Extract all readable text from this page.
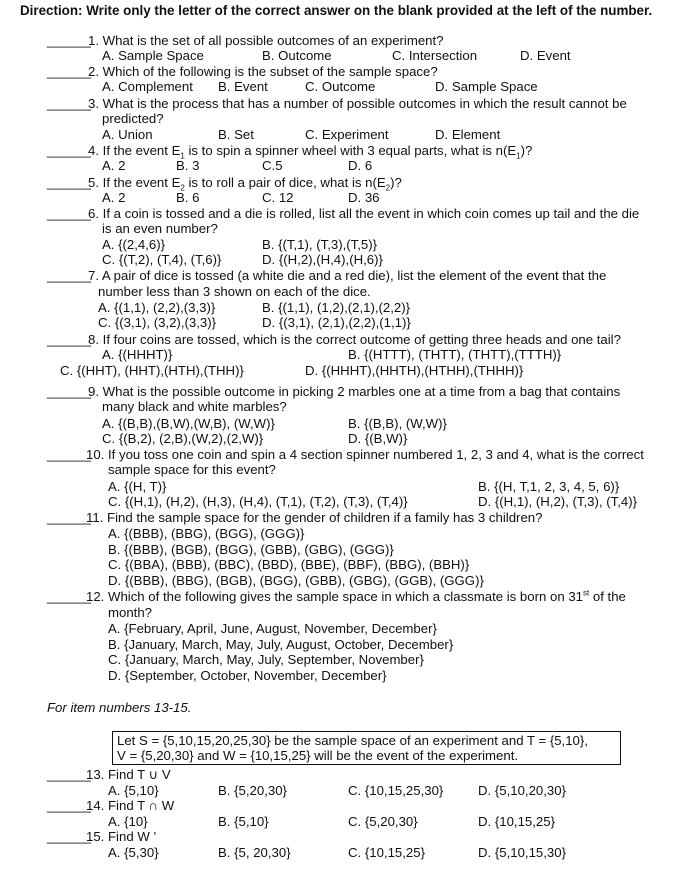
Direction: Write only the letter of the correct answer on the blank provided at the left of the number.
______
1. What is the set of all possible outcomes of an experiment?
A. Sample Space	B. Outcome	C. Intersection	D. Event
______
2. Which of the following is the subset of the sample space?
A. Complement B. Event	C. Outcome	D. Sample Space
______
3. What is the process that has a number of possible outcomes in which the result cannot be
predicted?
A. Union	B. Set	C. Experiment	D. Element
______
4. If the event $E_1$ is to spin a spinner wheel with 3 equal parts, what is $n(E_1)$?
A. 2	B. 3	C.5	D. 6
______
5. If the event $E_2$ is to roll a pair of dice, what is $n(E_2)$?
A. 2	B. 6	C. 12	D. 36
______
6. If a coin is tossed and a die is rolled, list all the event in which coin comes up tail and the die
is an even number?
A. {(2,4,6)}	B. {(T,1), (T,3),(T,5)}
C. {(T,2), (T,4), (T,6)}	D. {(H,2),(H,4),(H,6)}
______
7. A pair of dice is tossed (a white die and a red die), list the element of the event that the
number less than 3 shown on each of the dice.
A. {(1,1), (2,2),(3,3)}	B. {(1,1), (1,2),(2,1),(2,2)}
C. {(3,1), (3,2),(3,3)}	D. {(3,1), (2,1),(2,2),(1,1)}
______
8. If four coins are tossed, which is the correct outcome of getting three heads and one tail?
A. {(HHHT)}	B. {(HTTT), (THTT), (THTT),(TTTH)}
C. {(HHT), (HHT),(HTH),(THH)}	D. {(HHHT),(HHTH),(HTHH),(THHH)}
______
9. What is the possible outcome in picking 2 marbles one at a time from a bag that contains
many black and white marbles?
A. {(B,B),(B,W),(W,B), (W,W)}	B. {(B,B), (W,W)}
C. {(B,2), (2,B),(W,2),(2,W)}	D. {(B,W)}
______
10. If you toss one coin and spin a 4 section spinner numbered 1, 2, 3 and 4, what is the correct
sample space for this event?
A. {(H, T)}	B. {(H, T,1, 2, 3, 4, 5, 6)}
C. {(H,1), (H,2), (H,3), (H,4), (T,1), (T,2), (T,3), (T,4)}	D. {(H,1), (H,2), (T,3), (T,4)}
______
11. Find the sample space for the gender of children if a family has 3 children?
A. {(BBB), (BBG), (BGG), (GGG)}
B. {(BBB), (BGB), (BGG), (GBB), (GBG), (GGG)}
C. {(BBA), (BBB), (BBC), (BBD), (BBE), (BBF), (BBG), (BBH)}
D. {(BBB), (BBG), (BGB), (BGG), (GBB), (GBG), (GGB), (GGG)}
______
12. Which of the following gives the sample space in which a classmate is born on 31st of the
month?
A. {February, April, June, August, November, December}
B. {January, March, May, July, August, October, December}
C. {January, March, May, July, September, November}
D. {September, October, November, December}
For item numbers 13-15.
Let S = {5,10,15,20,25,30} be the sample space of an experiment and T = {5,10},
V = {5,20,30} and W = {10,15,25} will be the event of the experiment.
______
13. Find T ∪ V
A. {5,10}	B. {5,20,30}	C. {10,15,25,30}	D. {5,10,20,30}
______
14. Find T ∩ W
A. {10}	B. {5,10}	C. {5,20,30}	D. {10,15,25}
______
15. Find W ’
A. {5,30}	B. {5, 20,30}	C. {10,15,25}	D. {5,10,15,30}
